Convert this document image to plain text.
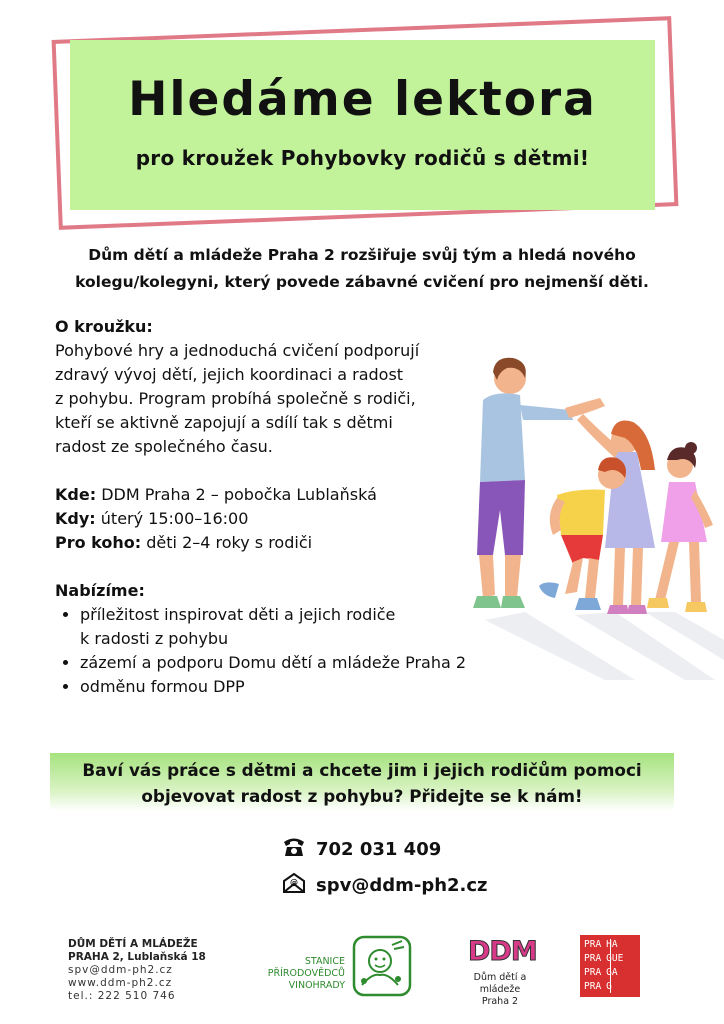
Hledáme lektora
pro kroužek Pohybovky rodičů s dětmi!
Dům dětí a mládeže Praha 2 rozšiřuje svůj tým a hledá nového
kolegu/kolegyni, který povede zábavné cvičení pro nejmenší děti.

O kroužku:

Pohybové hry a jednoduchá cvičení podporují

zdravý vývoj dětí, jejich koordinaci a radost

z pohybu. Program probíhá společně s rodiči,

kteří se aktivně zapojují a sdílí tak s dětmi

radost ze společného času.

Kde: DDM Praha 2 – pobočka Lublaňská

Kdy: úterý 15:00–16:00

Pro koho: děti 2–4 roky s rodiči

Nabízíme:

• příležitost inspirovat děti a jejich rodiče
k radosti z pohybu
• zázemí a podporu Domu dětí a mládeže Praha 2
• odměnu formou DPP
Baví vás práce s dětmi a chcete jim i jejich rodičům pomoci
objevovat radost z pohybu? Přidejte se k nám!
702 031 409
@ spv@ddm-ph2.cz
DŮM DĚTÍ A MLÁDEŽE
PRAHA 2, Lublaňská 18
spv@ddm-ph2.cz
www.ddm-ph2.cz
tel.: 222 510 746
STANICE PŘÍRODOVĚDCŮ
VINOHRADY
DDM
Dům dětí a mládeže
Praha 2
PRA HA
PRA GUE
PRA GA
PRA G
